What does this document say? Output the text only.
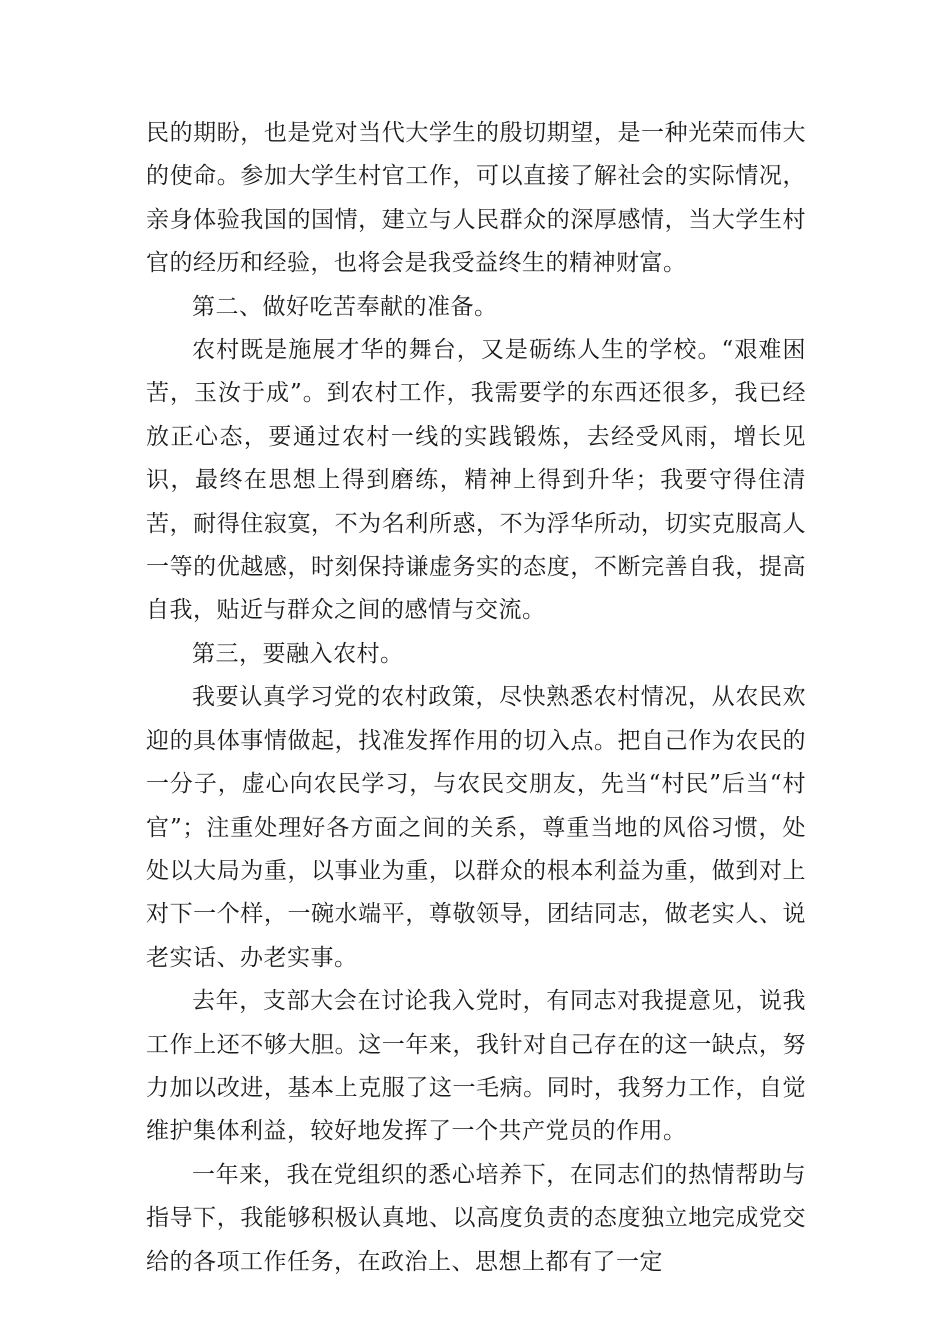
民的期盼，也是党对当代大学生的殷切期望，是一种光荣而伟大的使命。参加大学生村官工作，可以直接了解社会的实际情况，亲身体验我国的国情，建立与人民群众的深厚感情，当大学生村官的经历和经验，也将会是我受益终生的精神财富。

第二、做好吃苦奉献的准备。

农村既是施展才华的舞台，又是砺练人生的学校。“艰难困苦，玉汝于成”。到农村工作，我需要学的东西还很多，我已经放正心态，要通过农村一线的实践锻炼，去经受风雨，增长见识，最终在思想上得到磨练，精神上得到升华；我要守得住清苦，耐得住寂寞，不为名利所惑，不为浮华所动，切实克服高人一等的优越感，时刻保持谦虚务实的态度，不断完善自我，提高自我，贴近与群众之间的感情与交流。

第三，要融入农村。

我要认真学习党的农村政策，尽快熟悉农村情况，从农民欢迎的具体事情做起，找准发挥作用的切入点。把自己作为农民的一分子，虚心向农民学习，与农民交朋友，先当“村民”后当“村官”；注重处理好各方面之间的关系，尊重当地的风俗习惯，处处以大局为重，以事业为重，以群众的根本利益为重，做到对上对下一个样，一碗水端平，尊敬领导，团结同志，做老实人、说老实话、办老实事。

去年，支部大会在讨论我入党时，有同志对我提意见，说我工作上还不够大胆。这一年来，我针对自己存在的这一缺点，努力加以改进，基本上克服了这一毛病。同时，我努力工作，自觉维护集体利益，较好地发挥了一个共产党员的作用。

一年来，我在党组织的悉心培养下，在同志们的热情帮助与指导下，我能够积极认真地、以高度负责的态度独立地完成党交给的各项工作任务，在政治上、思想上都有了一定
